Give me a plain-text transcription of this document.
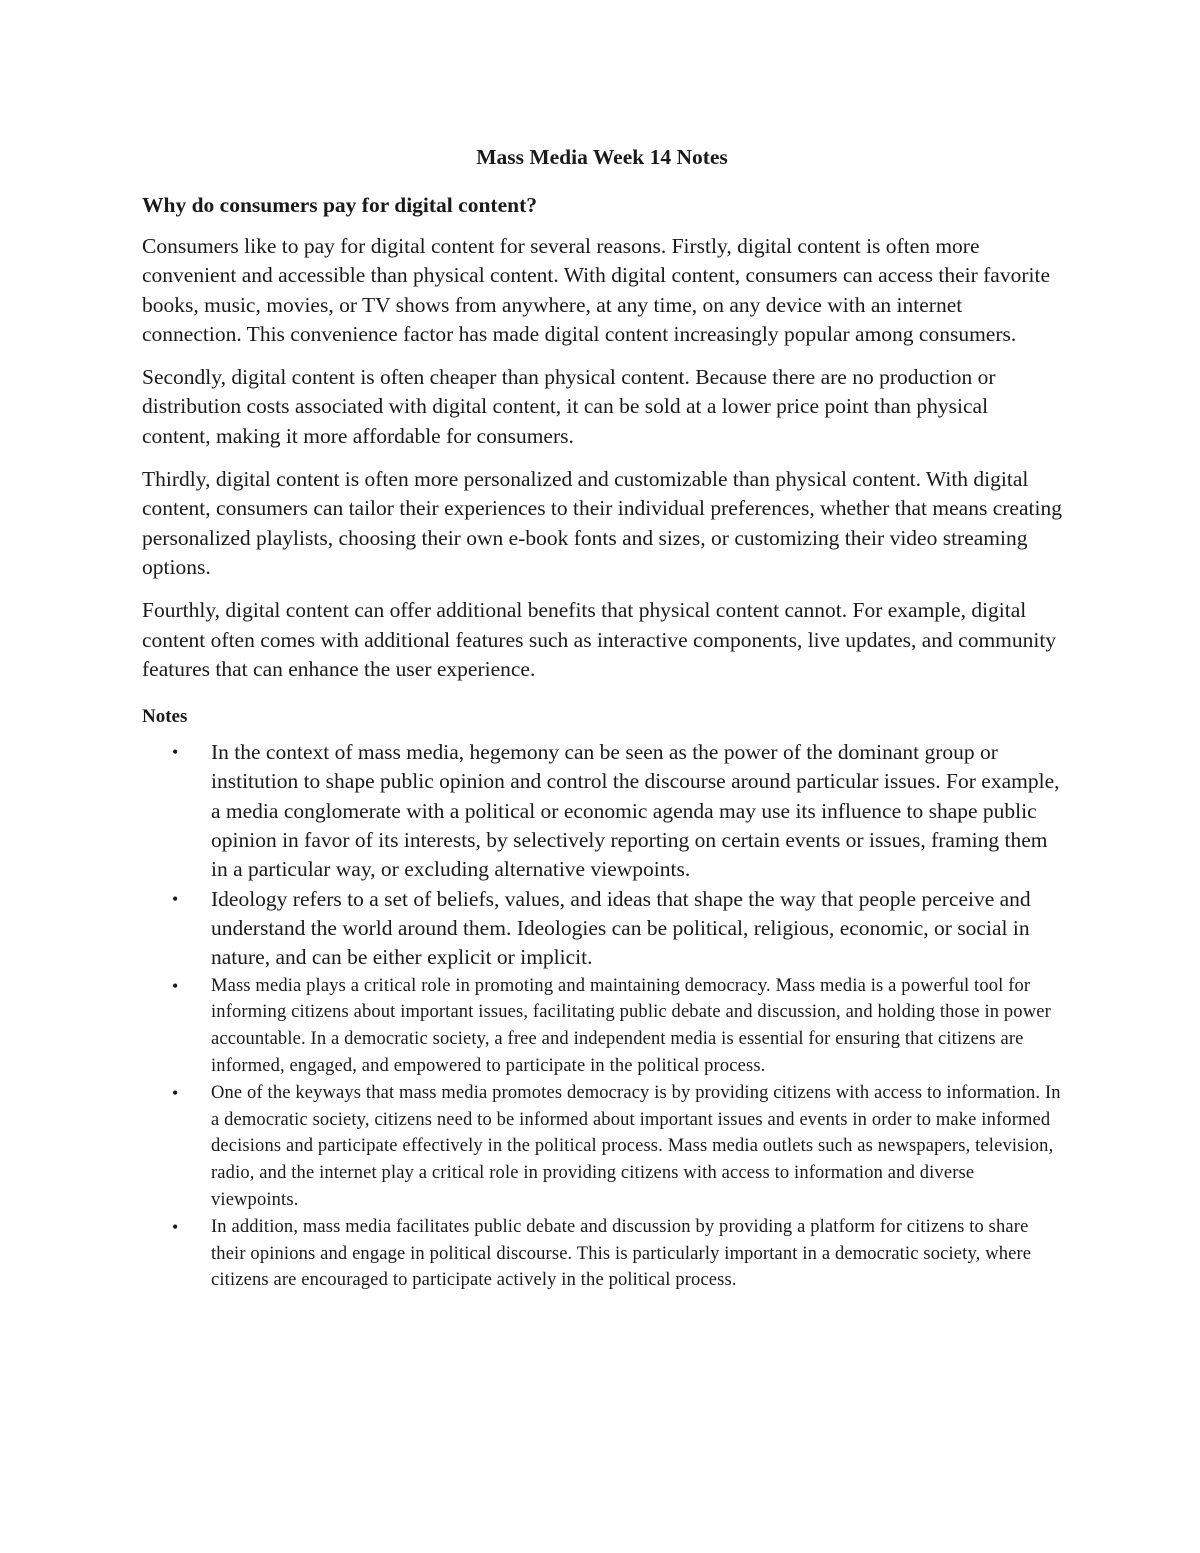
Mass Media Week 14 Notes
Why do consumers pay for digital content?

Consumers like to pay for digital content for several reasons. Firstly, digital content is often more convenient and accessible than physical content. With digital content, consumers can access their favorite books, music, movies, or TV shows from anywhere, at any time, on any device with an internet connection. This convenience factor has made digital content increasingly popular among consumers.

Secondly, digital content is often cheaper than physical content. Because there are no production or distribution costs associated with digital content, it can be sold at a lower price point than physical content, making it more affordable for consumers.

Thirdly, digital content is often more personalized and customizable than physical content. With digital content, consumers can tailor their experiences to their individual preferences, whether that means creating personalized playlists, choosing their own e-book fonts and sizes, or customizing their video streaming options.

Fourthly, digital content can offer additional benefits that physical content cannot. For example, digital content often comes with additional features such as interactive components, live updates, and community features that can enhance the user experience.

Notes
• In the context of mass media, hegemony can be seen as the power of the dominant group or institution to shape public opinion and control the discourse around particular issues. For example, a media conglomerate with a political or economic agenda may use its influence to shape public opinion in favor of its interests, by selectively reporting on certain events or issues, framing them in a particular way, or excluding alternative viewpoints.
• Ideology refers to a set of beliefs, values, and ideas that shape the way that people perceive and understand the world around them. Ideologies can be political, religious, economic, or social in nature, and can be either explicit or implicit.
• Mass media plays a critical role in promoting and maintaining democracy. Mass media is a powerful tool for informing citizens about important issues, facilitating public debate and discussion, and holding those in power accountable. In a democratic society, a free and independent media is essential for ensuring that citizens are informed, engaged, and empowered to participate in the political process.
• One of the keyways that mass media promotes democracy is by providing citizens with access to information. In a democratic society, citizens need to be informed about important issues and events in order to make informed decisions and participate effectively in the political process. Mass media outlets such as newspapers, television, radio, and the internet play a critical role in providing citizens with access to information and diverse viewpoints.
• In addition, mass media facilitates public debate and discussion by providing a platform for citizens to share their opinions and engage in political discourse. This is particularly important in a democratic society, where citizens are encouraged to participate actively in the political process.
